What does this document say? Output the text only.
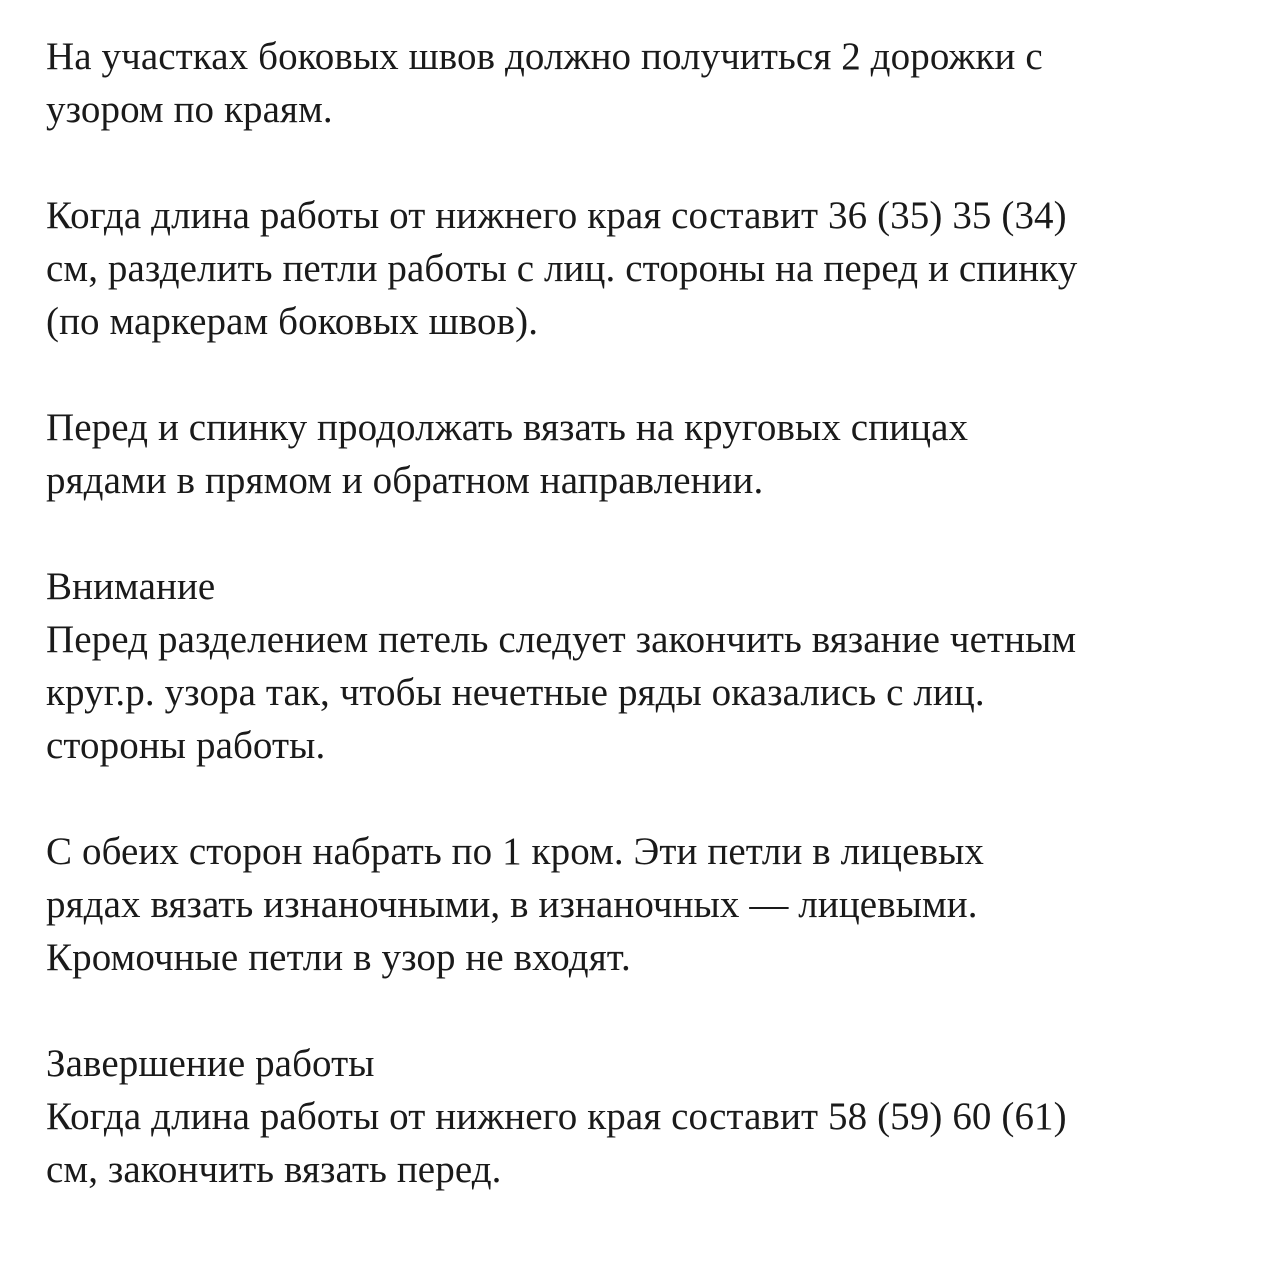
На участках боковых швов должно получиться 2 дорожки с
узором по краям.

Когда длина работы от нижнего края составит 36 (35) 35 (34)
см, разделить петли работы с лиц. стороны на перед и спинку
(по маркерам боковых швов).

Перед и спинку продолжать вязать на круговых спицах
рядами в прямом и обратном направлении.

Внимание
Перед разделением петель следует закончить вязание четным
круг.р. узора так, чтобы нечетные ряды оказались с лиц.
стороны работы.

С обеих сторон набрать по 1 кром. Эти петли в лицевых
рядах вязать изнаночными, в изнаночных — лицевыми.
Кромочные петли в узор не входят.

Завершение работы
Когда длина работы от нижнего края составит 58 (59) 60 (61)
см, закончить вязать перед.
